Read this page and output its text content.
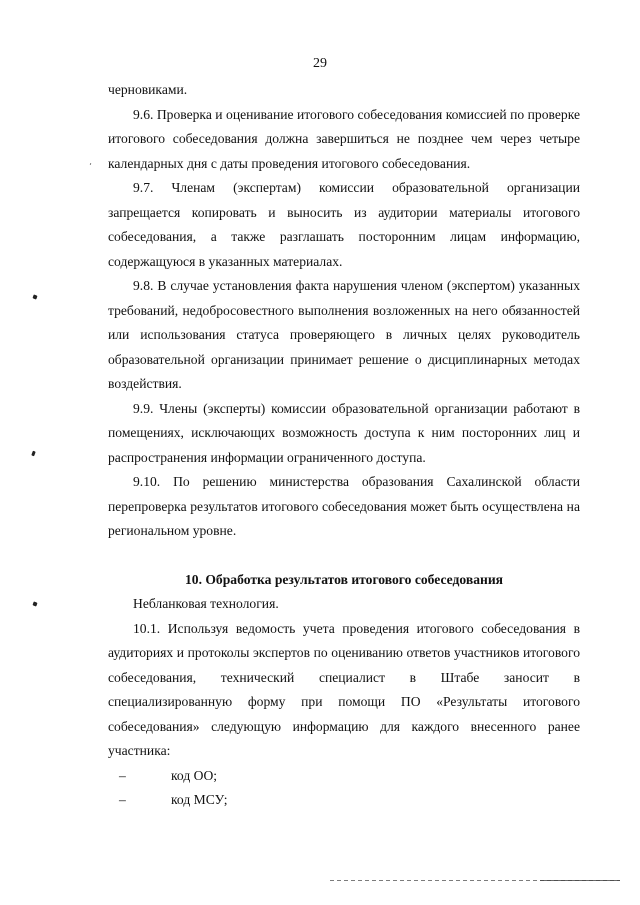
29

черновиками.

9.6. Проверка и оценивание итогового собеседования комиссией по проверке итогового собеседования должна завершиться не позднее чем через четыре календарных дня с даты проведения итогового собеседования.

9.7. Членам (экспертам) комиссии образовательной организации запрещается копировать и выносить из аудитории материалы итогового собеседования, а также разглашать посторонним лицам информацию, содержащуюся в указанных материалах.

9.8. В случае установления факта нарушения членом (экспертом) указанных требований, недобросовестного выполнения возложенных на него обязанностей или использования статуса проверяющего в личных целях руководитель образовательной организации принимает решение о дисциплинарных методах воздействия.

9.9. Члены (эксперты) комиссии образовательной организации работают в помещениях, исключающих возможность доступа к ним посторонних лиц и распространения информации ограниченного доступа.

9.10. По решению министерства образования Сахалинской области перепроверка результатов итогового собеседования может быть осуществлена на региональном уровне.

10. Обработка результатов итогового собеседования

Небланковая технология.

10.1. Используя ведомость учета проведения итогового собеседования в аудиториях и протоколы экспертов по оцениванию ответов участников итогового собеседования, технический специалист в Штабе заносит в специализированную форму при помощи ПО «Результаты итогового собеседования» следующую информацию для каждого внесенного ранее участника:

–	код ОО;
–	код МСУ;
